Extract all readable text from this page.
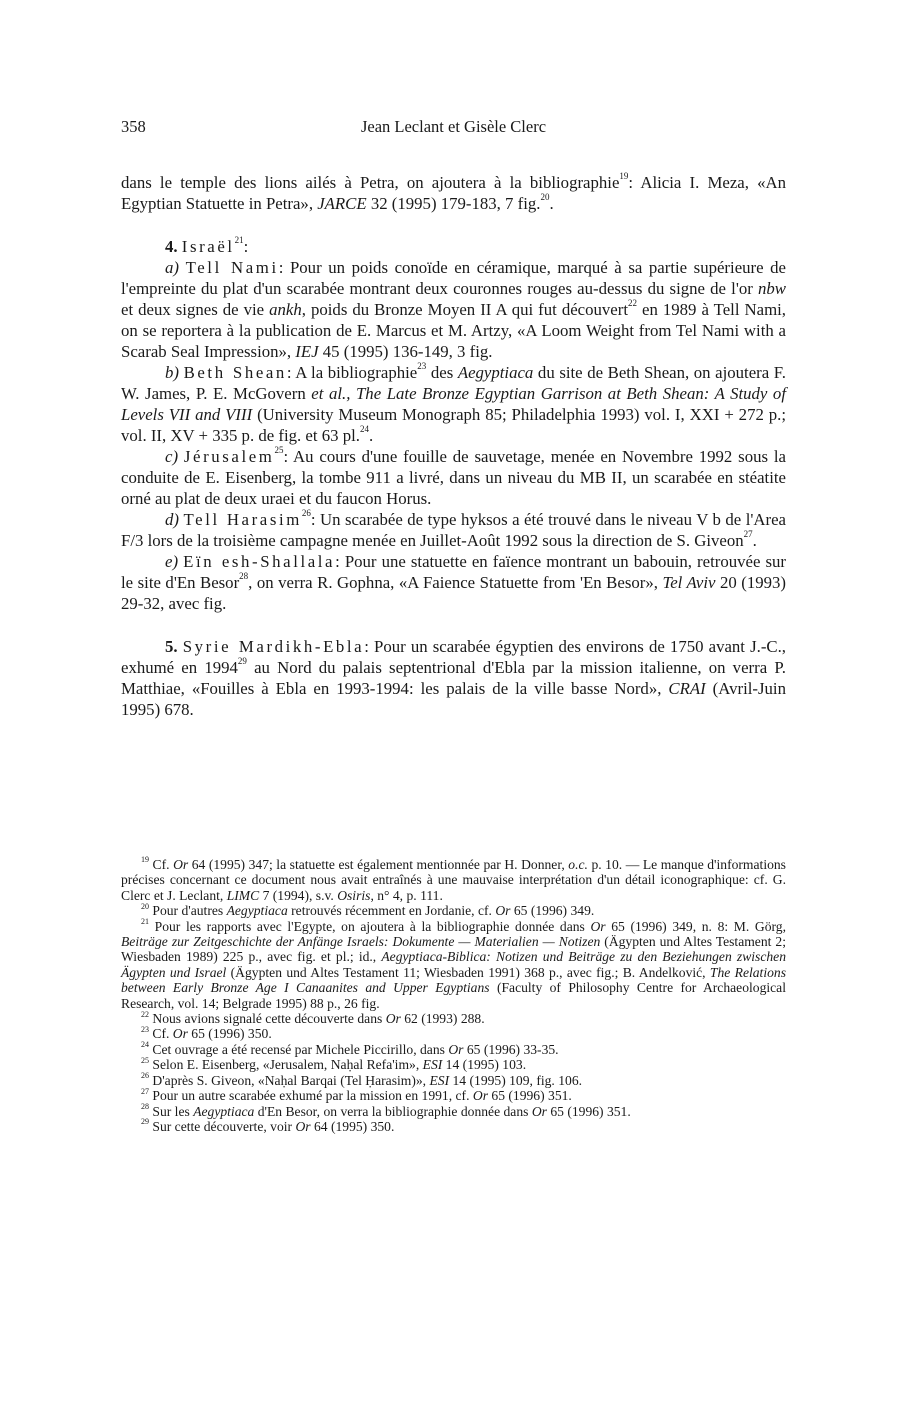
358	Jean Leclant et Gisèle Clerc

dans le temple des lions ailés à Petra, on ajoutera à la bibliographie$^{19}$: Alicia I. Meza, «An Egyptian Statuette in Petra», JARCE 32 (1995) 179-183, 7 fig.$^{20}$.

4. Israël$^{21}$:

a) Tell Nami: Pour un poids conoïde en céramique, marqué à sa partie supérieure de l'empreinte du plat d'un scarabée montrant deux couronnes rouges au-dessus du signe de l'or nbw et deux signes de vie ankh, poids du Bronze Moyen II A qui fut découvert$^{22}$ en 1989 à Tell Nami, on se reportera à la publication de E. Marcus et M. Artzy, «A Loom Weight from Tel Nami with a Scarab Seal Impression», IEJ 45 (1995) 136-149, 3 fig.

b) Beth Shean: A la bibliographie$^{23}$ des Aegyptiaca du site de Beth Shean, on ajoutera F. W. James, P. E. McGovern et al., The Late Bronze Egyptian Garrison at Beth Shean: A Study of Levels VII and VIII (University Museum Monograph 85; Philadelphia 1993) vol. I, XXI + 272 p.; vol. II, XV + 335 p. de fig. et 63 pl.$^{24}$.

c) Jérusalem$^{25}$: Au cours d'une fouille de sauvetage, menée en Novembre 1992 sous la conduite de E. Eisenberg, la tombe 911 a livré, dans un niveau du MB II, un scarabée en stéatite orné au plat de deux uraei et du faucon Horus.

d) Tell Harasim$^{26}$: Un scarabée de type hyksos a été trouvé dans le niveau V b de l'Area F/3 lors de la troisième campagne menée en Juillet-Août 1992 sous la direction de S. Giveon$^{27}$.

e) Eïn esh-Shallala: Pour une statuette en faïence montrant un babouin, retrouvée sur le site d'En Besor$^{28}$, on verra R. Gophna, «A Faience Statuette from 'En Besor», Tel Aviv 20 (1993) 29-32, avec fig.

5. Syrie Mardikh-Ebla: Pour un scarabée égyptien des environs de 1750 avant J.-C., exhumé en 1994$^{29}$ au Nord du palais septentrional d'Ebla par la mission italienne, on verra P. Matthiae, «Fouilles à Ebla en 1993-1994: les palais de la ville basse Nord», CRAI (Avril-Juin 1995) 678.

$^{19}$ Cf. Or 64 (1995) 347; la statuette est également mentionnée par H. Donner, o.c. p. 10. — Le manque d'informations précises concernant ce document nous avait entraînés à une mauvaise interprétation d'un détail iconographique: cf. G. Clerc et J. Leclant, LIMC 7 (1994), s.v. Osiris, n° 4, p. 111.

$^{20}$ Pour d'autres Aegyptiaca retrouvés récemment en Jordanie, cf. Or 65 (1996) 349.

$^{21}$ Pour les rapports avec l'Egypte, on ajoutera à la bibliographie donnée dans Or 65 (1996) 349, n. 8: M. Görg, Beiträge zur Zeitgeschichte der Anfänge Israels: Dokumente — Materialien — Notizen (Ägypten und Altes Testament 2; Wiesbaden 1989) 225 p., avec fig. et pl.; id., Aegyptiaca-Biblica: Notizen und Beiträge zu den Beziehungen zwischen Ägypten und Israel (Ägypten und Altes Testament 11; Wiesbaden 1991) 368 p., avec fig.; B. Andelković, The Relations between Early Bronze Age I Canaanites and Upper Egyptians (Faculty of Philosophy Centre for Archaeological Research, vol. 14; Belgrade 1995) 88 p., 26 fig.

$^{22}$ Nous avions signalé cette découverte dans Or 62 (1993) 288.

$^{23}$ Cf. Or 65 (1996) 350.

$^{24}$ Cet ouvrage a été recensé par Michele Piccirillo, dans Or 65 (1996) 33-35.

$^{25}$ Selon E. Eisenberg, «Jerusalem, Naḥal Refa'im», ESI 14 (1995) 103.

$^{26}$ D'après S. Giveon, «Naḥal Barqai (Tel Ḥarasim)», ESI 14 (1995) 109, fig. 106.

$^{27}$ Pour un autre scarabée exhumé par la mission en 1991, cf. Or 65 (1996) 351.

$^{28}$ Sur les Aegyptiaca d'En Besor, on verra la bibliographie donnée dans Or 65 (1996) 351.

$^{29}$ Sur cette découverte, voir Or 64 (1995) 350.
